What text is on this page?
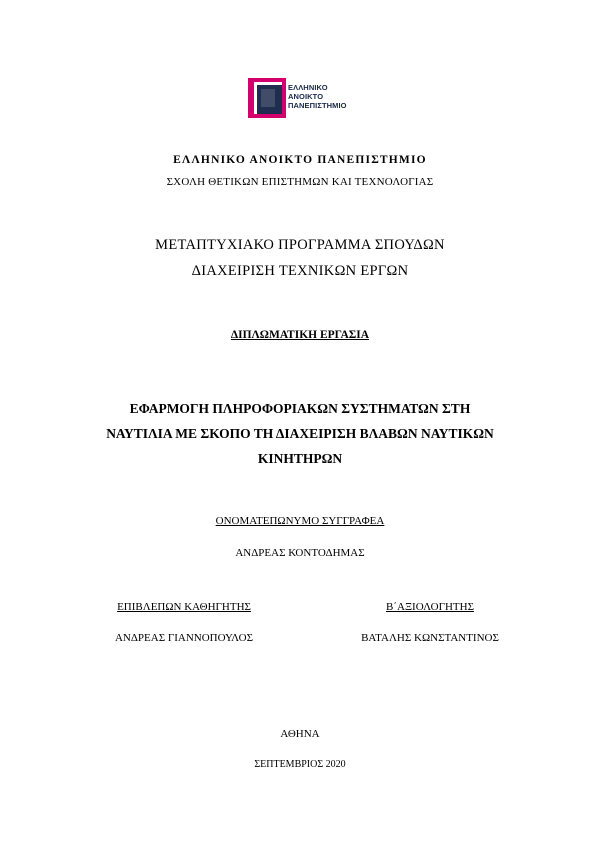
ΕΛΛΗΝΙΚΟ
ΑΝΟΙΚΤΟ
ΠΑΝΕΠΙΣΤΗΜΙΟ
ΕΛΛΗΝΙΚΟ ΑΝΟΙΚΤΟ ΠΑΝΕΠΙΣΤΗΜΙΟ
ΣΧΟΛΗ ΘΕΤΙΚΩΝ ΕΠΙΣΤΗΜΩΝ ΚΑΙ ΤΕΧΝΟΛΟΓΙΑΣ
ΜΕΤΑΠΤΥΧΙΑΚΟ ΠΡΟΓΡΑΜΜΑ ΣΠΟΥΔΩΝ
ΔΙΑΧΕΙΡΙΣΗ ΤΕΧΝΙΚΩΝ ΕΡΓΩΝ
ΔΙΠΛΩΜΑΤΙΚΗ ΕΡΓΑΣΙΑ
ΕΦΑΡΜΟΓΗ ΠΛΗΡΟΦΟΡΙΑΚΩΝ ΣΥΣΤΗΜΑΤΩΝ ΣΤΗ
ΝΑΥΤΙΛΙΑ ΜΕ ΣΚΟΠΟ ΤΗ ΔΙΑΧΕΙΡΙΣΗ ΒΛΑΒΩΝ ΝΑΥΤΙΚΩΝ
ΚΙΝΗΤΗΡΩΝ
ΟΝΟΜΑΤΕΠΩΝΥΜΟ ΣΥΓΓΡΑΦΕΑ
ΑΝΔΡΕΑΣ ΚΟΝΤΟΔΗΜΑΣ
ΕΠΙΒΛΕΠΩΝ ΚΑΘΗΓΗΤΗΣ	Β΄ΑΞΙΟΛΟΓΗΤΗΣ
ΑΝΔΡΕΑΣ ΓΙΑΝΝΟΠΟΥΛΟΣ	ΒΑΤΑΛΗΣ ΚΩΝΣΤΑΝΤΙΝΟΣ
ΑΘΗΝΑ
ΣΕΠΤΕΜΒΡΙΟΣ 2020
